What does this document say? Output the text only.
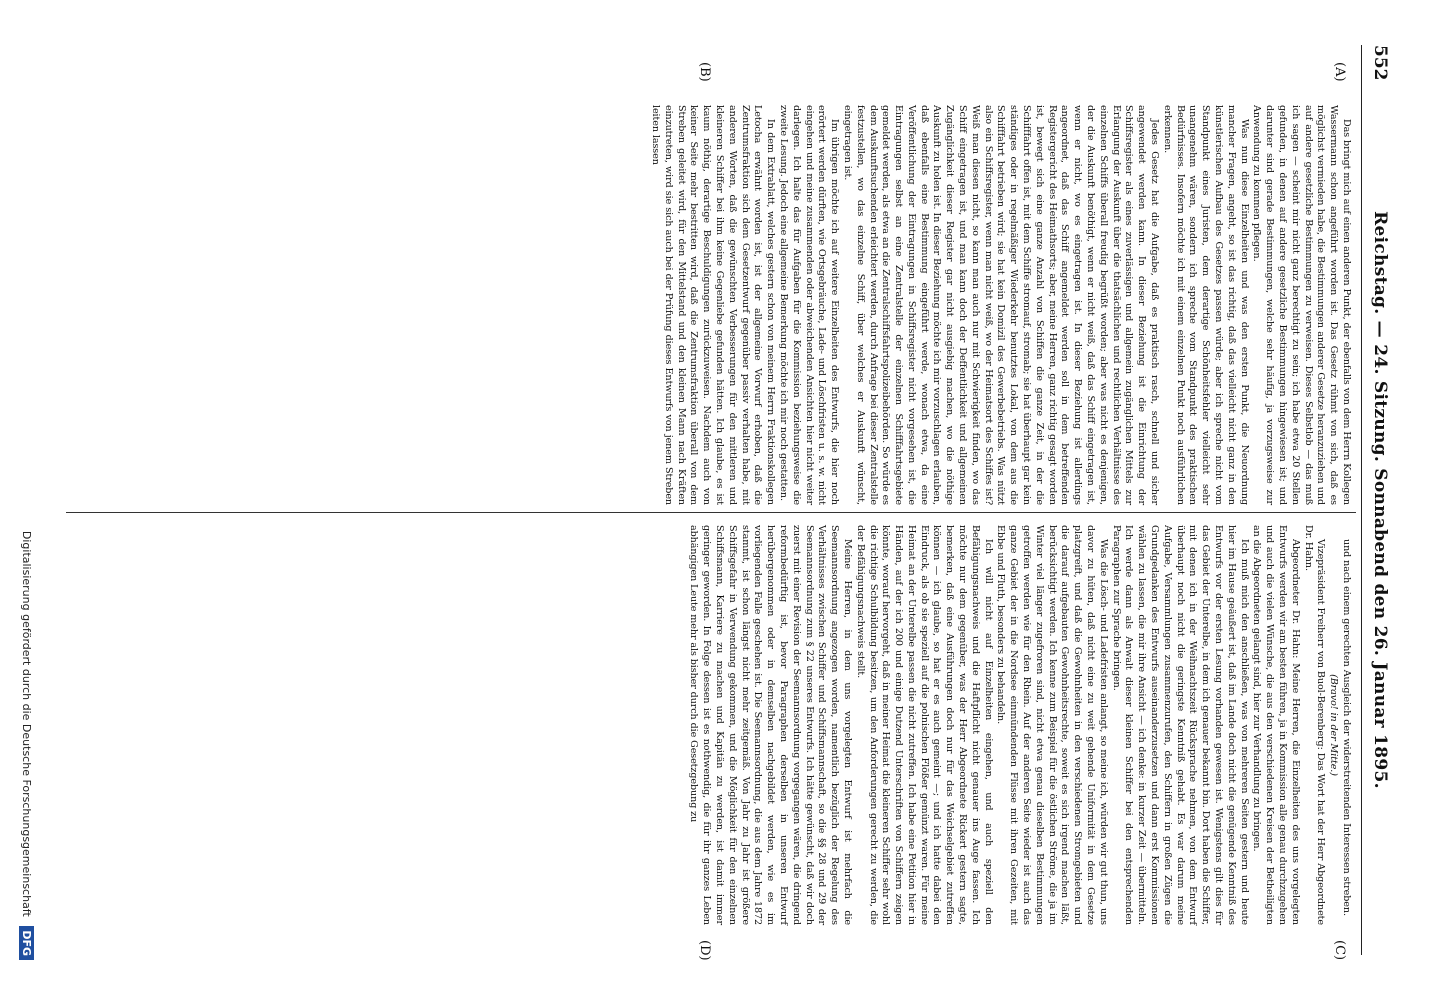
552
Reichstag. — 24. Sitzung. Sonnabend den 26. Januar 1895.
(A)
(B)
(C)
(D)

Das bringt mich auf einen anderen Punkt, der ebenfalls von dem Herrn Kollegen Wassermann schon angeführt worden ist. Das Gesetz rühmt von sich, daß es möglichst vermieden habe, die Bestimmungen anderer Gesetze heranzuziehen und auf andere gesetzliche Bestimmungen zu verweisen. Dieses Selbstlob — das muß ich sagen — scheint mir nicht ganz berechtigt zu sein; ich habe etwa 20 Stellen gefunden, in denen auf andere gesetzliche Bestimmungen hingewiesen ist; und darunter sind gerade Bestimmungen, welche sehr häufig, ja vorzugsweise zur Anwendung zu kommen pflegen.

Was nun diese Einzelheiten und was den ersten Punkt, die Neuordnung mancher Fragen, angeht, so ist das richtig, daß das vielleicht nicht ganz in den künstlerischen Aufbau des Gesetzes passen würde; aber ich spreche nicht vom Standpunkt eines Juristen, dem derartige Schönheitsfehler vielleicht sehr unangenehm wären, sondern ich spreche vom Standpunkt des praktischen Bedürfnisses. Insofern möchte ich mit einem einzelnen Punkt noch ausführlichen erkennen.

Jedes Gesetz hat die Aufgabe, daß es praktisch rasch, schnell und sicher angewendet werden kann. In dieser Beziehung ist die Einrichtung der Schiffsregister als eines zuverlässigen und allgemein zugänglichen Mittels zur Erlangung der Auskunft über die thatsächlichen und rechtlichen Verhältnisse des einzelnen Schiffs überall freudig begrüßt worden; aber was nicht es denjenigen, der die Auskunft benöthigt, wenn er nicht weiß, daß das Schiff eingetragen ist, wenn er nicht, wo es eingetragen ist. In dieser Beziehung ist allerdings angeordnet, daß das Schiff angemeldet werden soll in dem betreffenden Registergericht des Heimathsorts; aber, meine Herren, ganz richtig gesagt worden ist, bewegt sich eine ganze Anzahl von Schiffen die ganze Zeit, in der die Schifffahrt offen ist, mit dem Schiffe stromauf, stromab; sie hat überhaupt gar kein ständiges oder in regelmäßiger Wiederkehr benutztes Lokal, von dem aus die Schifffahrt betrieben wird; sie hat kein Domizil des Gewerbebetriebs. Was nützt also ein Schiffsregister, wenn man nicht weiß, wo der Heimatsort des Schiffes ist? Weiß man diesen nicht, so kann man auch nur mit Schwierigkeit finden, wo das Schiff eingetragen ist, und man kann doch der Deffentlichkeit und allgemeinen Zugänglichkeit dieser Register gar nicht ausgiebig machen, wo die nöthige Auskunft zu holen ist. In dieser Beziehung möchte ich mir vorzuschlagen erlauben, daß ebenfalls eine Bestimmung eingeführt werde, wonach etwa, da eine Veröffentlichung der Eintragungen in Schiffsregister nicht vorgesehen ist, die Eintragungen selbst an eine Zentralstelle der einzelnen Schifffahrtsgebiete gemeldet werden, als etwa an die Zentralschiffsfahrtspolizeibehörden. So würde es dem Auskunftsuchenden erleichtert werden, durch Anfrage bei dieser Zentralstelle festzustellen, wo das einzelne Schiff, über welches er Auskunft wünscht, eingetragen ist.

Im übrigen möchte ich auf weitere Einzelheiten des Entwurfs, die hier noch erörtert werden dürften, wie Ortsgebräuche, Lade- und Löschfristen u. s. w. nicht eingehen und meine zusammenden oder abweichenden Ansichten hier nicht weiter darlegen. Ich halte das für Aufgaben für die Kommission beziehungsweise die zweite Lesung. Jedoch eine allgemeine Bemerkung möchte ich mir noch gestatten.

In dem Extrablatt, welches gestern schon von meinem Herrn Fraktionskollegen Letocha erwähnt worden ist, ist der allgemeine Vorwurf erhoben, daß die Zentrumsfraktion sich dem Gesetzentwurf gegenüber passiv verhalten habe, mit anderen Worten, daß die gewünschten Verbesserungen für den mittleren und kleineren Schiffer bei ihm keine Gegenliebe gefunden hätten. Ich glaube, es ist kaum nöthig, derartige Beschuldigungen zurückzuweisen. Nachdem auch von keiner Seite mehr bestritten wird, daß die Zentrumsfraktion überall von dem Streben geleitet wird, für den Mittelstand und den kleinen Mann nach Kräften einzutreten, wird sie sich auch bei der Prüfung dieses Entwurfs von jenem Streben leiten lassen

und nach einem gerechten Ausgleich der widerstreitenden Interessen streben.

(Bravo! in der Mitte.)

Vizepräsident Freiherr von Buol-Berenberg: Das Wort hat der Herr Abgeordnete Dr. Hahn.

Abgeordneter Dr. Hahn: Meine Herren, die Einzelheiten des uns vorgelegten Entwurfs werden wir am besten führen, ja in Kommission alle genau durchzugehen und auch die vielen Wünsche, die aus den verschiedenen Kreisen der Betheiligten an die Abgeordneten gelangt sind, hier zur Verhandlung zu bringen.

Ich muß mich den anschließen, was von mehreren Seiten gestern und heute hier im Hause geäußert ist, daß im Lande doch nicht die genügende Kenntniß des Entwurfs vor der ersten Lesung vorhanden gewesen ist. Wenigstens gilt dies für das Gebiet der Unterelbe, in dem ich genauer bekannt bin. Dort haben die Schiffer, mit denen ich in der Weihnachtszeit Rücksprache nehmen, von dem Entwurf überhaupt noch nicht die geringste Kenntniß gehabt. Es war darum meine Aufgabe, Versammlungen zusammenzurufen, den Schiffern in großen Zügen die Grundgedanken des Entwurfs auseinanderzusetzen und dann erst Kommissionen wählen zu lassen, die mir ihre Ansicht — ich denke: in kurzer Zeit — übermitteln. Ich werde dann als Anwalt dieser kleinen Schiffer bei den entsprechenden Paragraphen zur Sprache bringen.

Was die Lösch- und Ladefristen anlangt, so meine ich, würden wir gut thun, uns davor zu hüten, daß nicht eine zu weit gehende Uniformität in dem Gesetze platzgreift, und daß die Gewohnheiten in den verschiedenen Stromgebieten und die darauf aufgebauten Gewohnheitsrechte, soweit es sich irgend machen läßt, berücksichtigt werden. Ich kenne zum Beispiel für die östlichen Ströme, die ja im Winter viel länger zugefroren sind, nicht etwa genau dieselben Bestimmungen getroffen werden wie für den Rhein. Auf der anderen Seite wieder ist auch das ganze Gebiet der in die Nordsee einmündenden Flüsse mit ihren Gezeiten, mit Ebbe und Fluth, besonders zu behandeln.

Ich will nicht auf Einzelheiten eingehen, und auch speziell den Befähigungsnachweis und die Haftpflicht nicht genauer ins Auge fassen. Ich möchte nur dem gegenüber, was der Herr Abgeordnete Rickert gestern sagte, bemerken, daß eine Ausführungen doch nur für das Weichselgebiet zutreffen können — ich glaube, so hat er es auch gemeint —; und ich hatte dabei den Eindruck, als ob sie speziell auf die polnischen Flößer gemünzt waren. Für meine Heimat an der Unterelbe passen die nicht zutreffen. Ich habe eine Petition hier in Händen, auf der ich 200 und einige Dutzend Unterschriften von Schiffern zeigen könnte, worauf hervorgeht, daß in meiner Heimat die kleineren Schiffer sehr wohl die richtige Schulbildung besitzen, um den Anforderungen gerecht zu werden, die der Befähigungsnachweis stellt.

Meine Herren, in dem uns vorgelegten Entwurf ist mehrfach die Seemannsordnung angezogen worden, namentlich bezüglich der Regelung des Verhältnisses zwischen Schiffer und Schiffsmannschaft, so die §§ 28 und 29 der Seemannsordnung zum § 22 unseres Entwurfs. Ich hätte gewünscht, daß wir doch zuerst mit einer Revision der Seemannsordnung vorgegangen wären, die dringend reformbedürftig ist, bevor Paragraphen derselben in unseren Entwurf herübergenommen oder in demselben nachgebildet werden, wie es im vorliegenden Falle geschehen ist. Die Seemannsordnung, die aus dem Jahre 1872 stammt, ist schon längst nicht mehr zeitgemäß. Von Jahr zu Jahr ist größere Schiffsgefahr in Verwendung gekommen, und die Möglichkeit für den einzelnen Schiffsmann, Karriere zu machen und Kapitän zu werden, ist damit immer geringer geworden. In Folge dessen ist es nothwendig, die für ihr ganzes Leben abhängigen Leute mehr als bisher durch die Gesetzgebung zu

Digitalisierung gefördert durch die Deutsche Forschungsgemeinschaft DFG
